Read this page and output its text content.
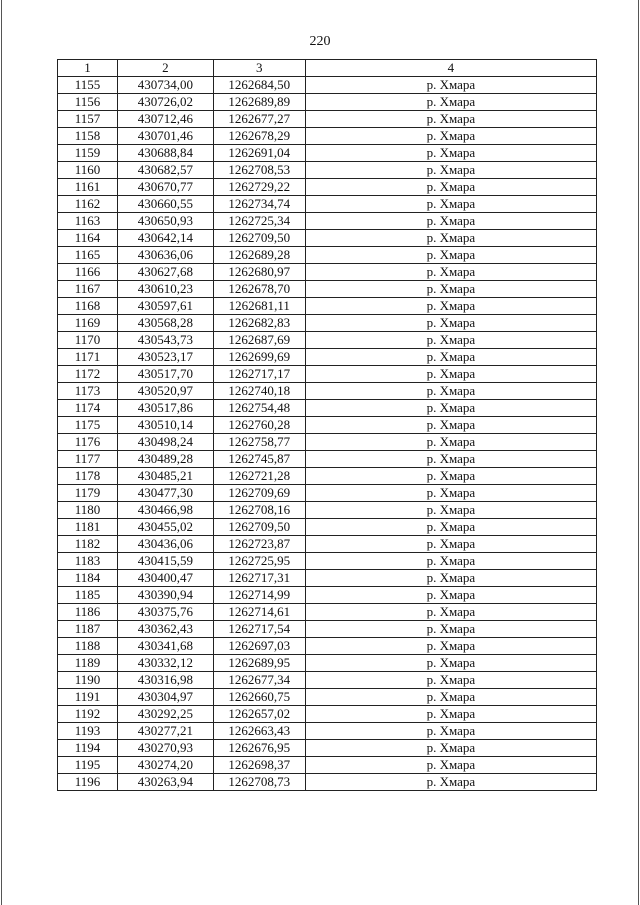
220
1	2	3	4
1155	430734,00	1262684,50	р. Хмара
1156	430726,02	1262689,89	р. Хмара
1157	430712,46	1262677,27	р. Хмара
1158	430701,46	1262678,29	р. Хмара
1159	430688,84	1262691,04	р. Хмара
1160	430682,57	1262708,53	р. Хмара
1161	430670,77	1262729,22	р. Хмара
1162	430660,55	1262734,74	р. Хмара
1163	430650,93	1262725,34	р. Хмара
1164	430642,14	1262709,50	р. Хмара
1165	430636,06	1262689,28	р. Хмара
1166	430627,68	1262680,97	р. Хмара
1167	430610,23	1262678,70	р. Хмара
1168	430597,61	1262681,11	р. Хмара
1169	430568,28	1262682,83	р. Хмара
1170	430543,73	1262687,69	р. Хмара
1171	430523,17	1262699,69	р. Хмара
1172	430517,70	1262717,17	р. Хмара
1173	430520,97	1262740,18	р. Хмара
1174	430517,86	1262754,48	р. Хмара
1175	430510,14	1262760,28	р. Хмара
1176	430498,24	1262758,77	р. Хмара
1177	430489,28	1262745,87	р. Хмара
1178	430485,21	1262721,28	р. Хмара
1179	430477,30	1262709,69	р. Хмара
1180	430466,98	1262708,16	р. Хмара
1181	430455,02	1262709,50	р. Хмара
1182	430436,06	1262723,87	р. Хмара
1183	430415,59	1262725,95	р. Хмара
1184	430400,47	1262717,31	р. Хмара
1185	430390,94	1262714,99	р. Хмара
1186	430375,76	1262714,61	р. Хмара
1187	430362,43	1262717,54	р. Хмара
1188	430341,68	1262697,03	р. Хмара
1189	430332,12	1262689,95	р. Хмара
1190	430316,98	1262677,34	р. Хмара
1191	430304,97	1262660,75	р. Хмара
1192	430292,25	1262657,02	р. Хмара
1193	430277,21	1262663,43	р. Хмара
1194	430270,93	1262676,95	р. Хмара
1195	430274,20	1262698,37	р. Хмара
1196	430263,94	1262708,73	р. Хмара
